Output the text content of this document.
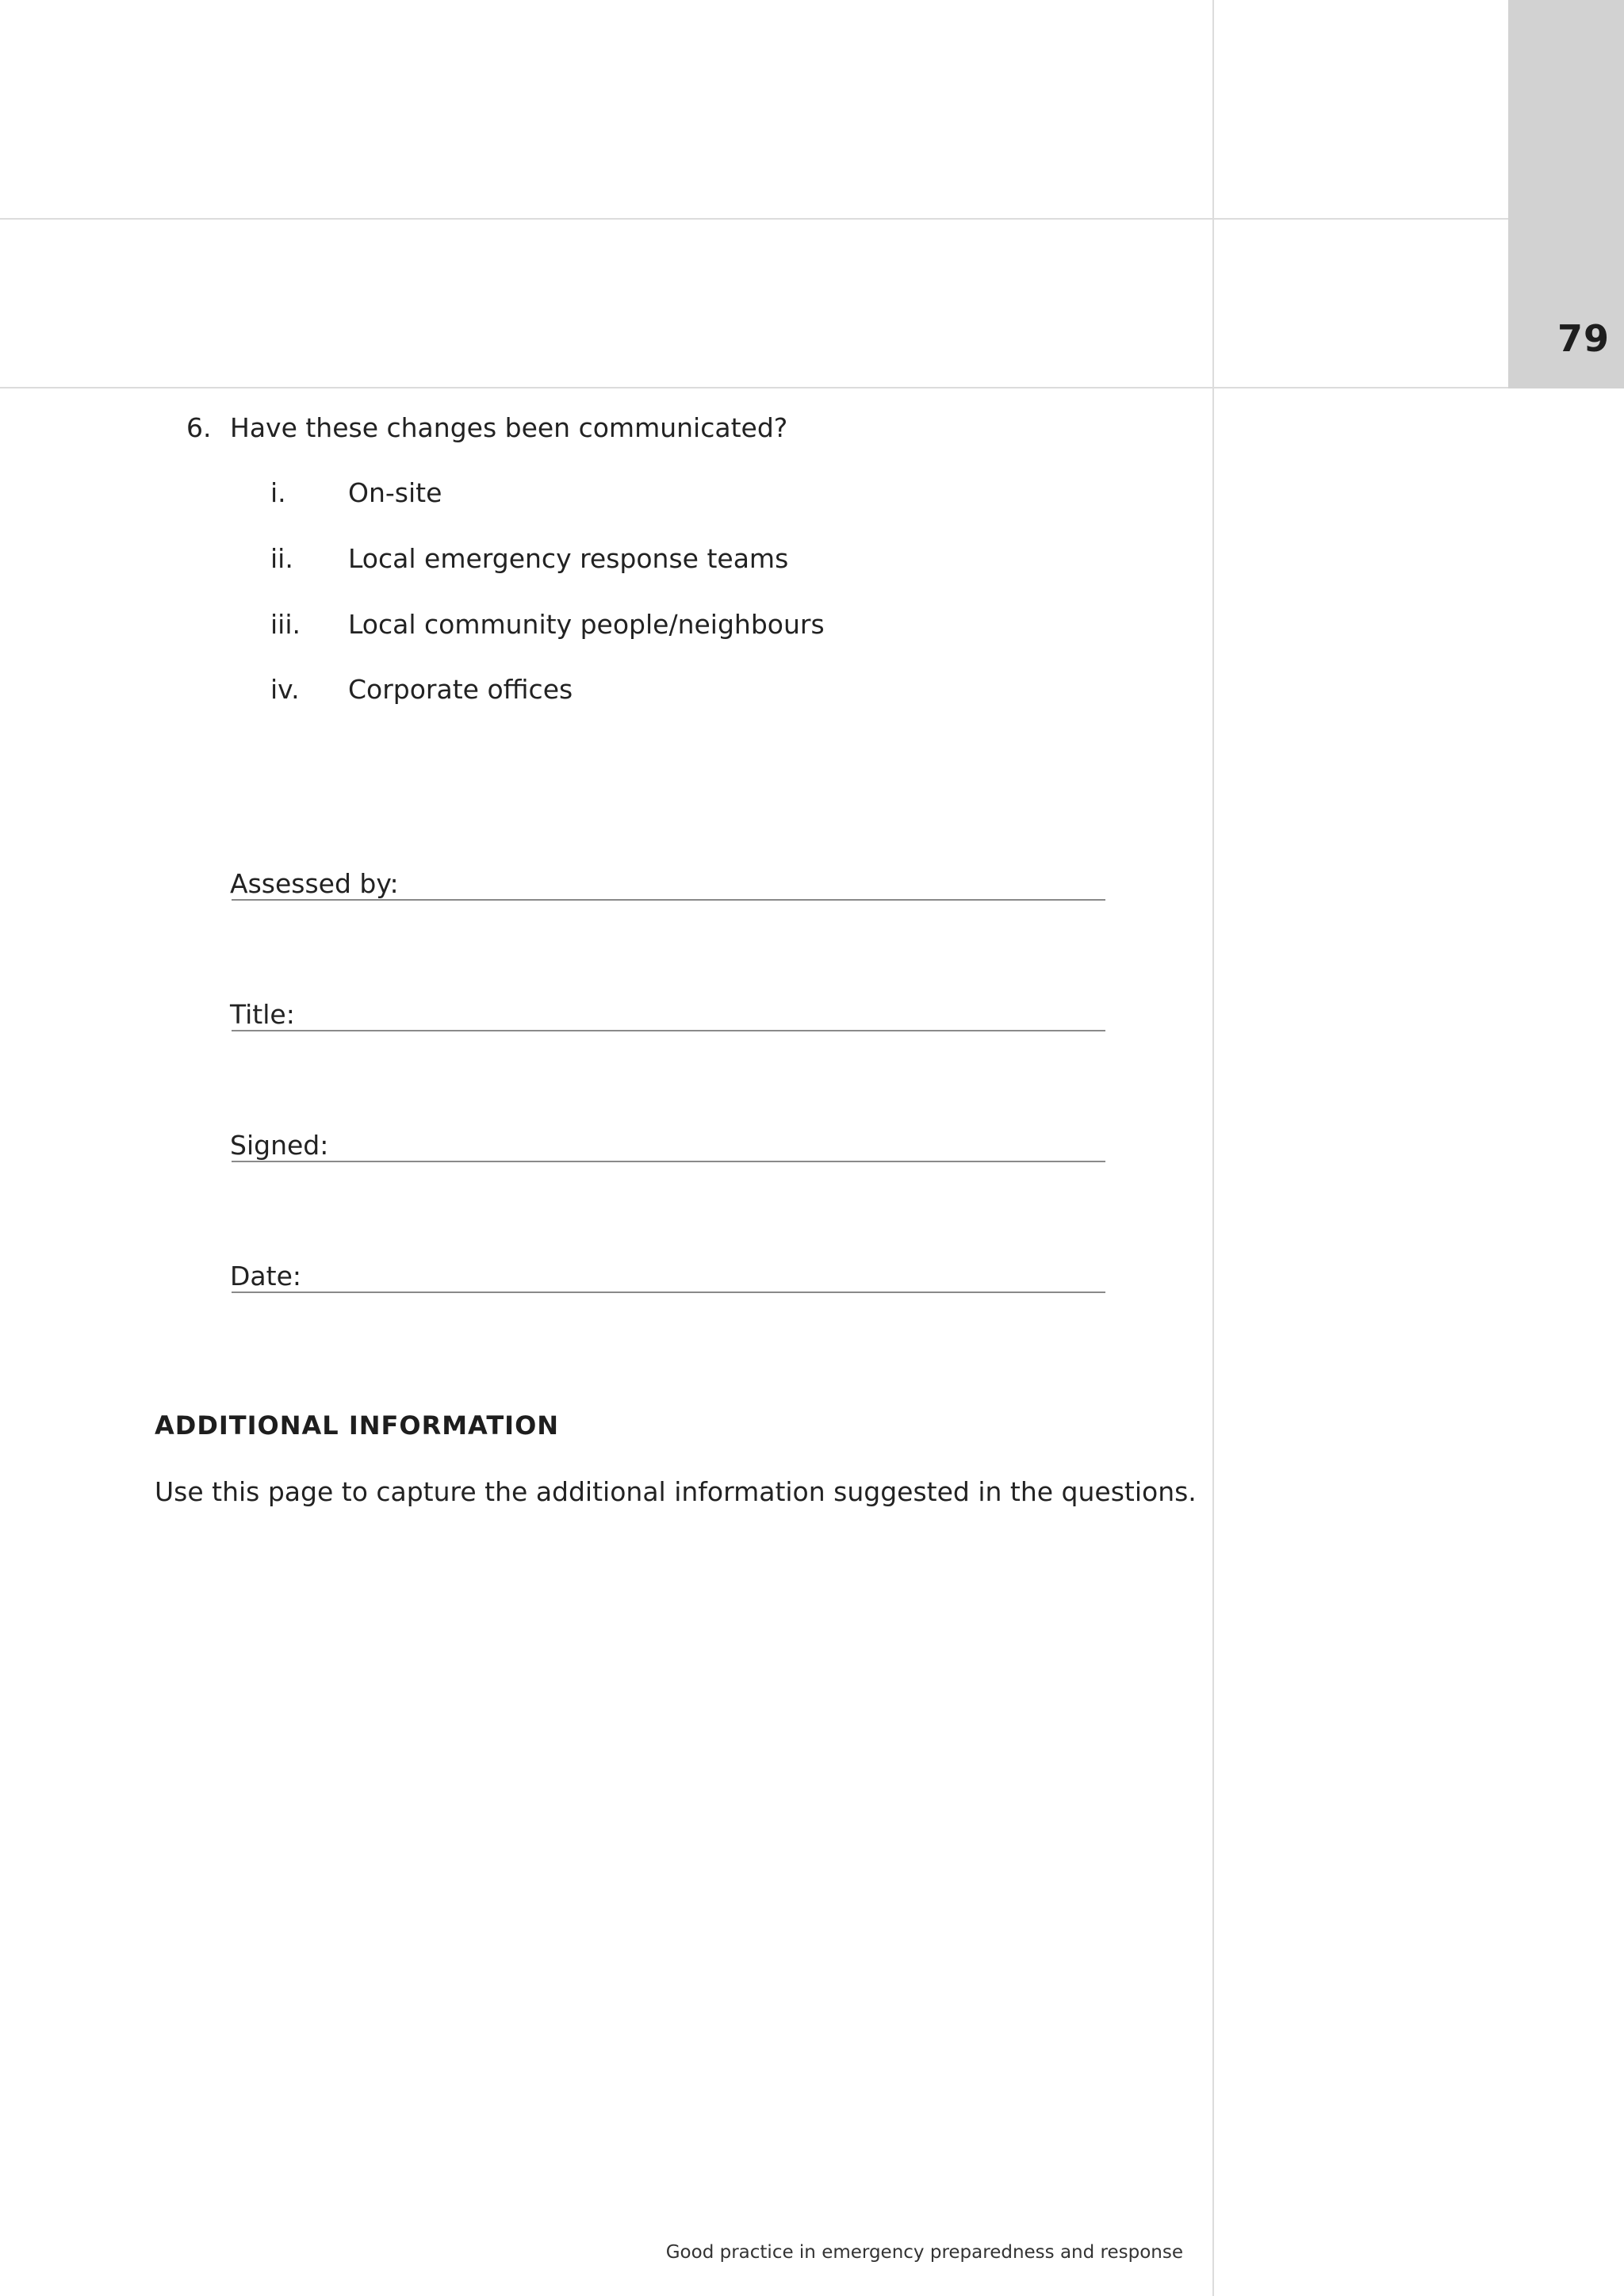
79
6. Have these changes been communicated?
i. On-site
ii. Local emergency response teams
iii. Local community people/neighbours
iv. Corporate offices
Assessed by:
Title:
Signed:
Date:
ADDITIONAL INFORMATION
Use this page to capture the additional information suggested in the questions.
Good practice in emergency preparedness and response
